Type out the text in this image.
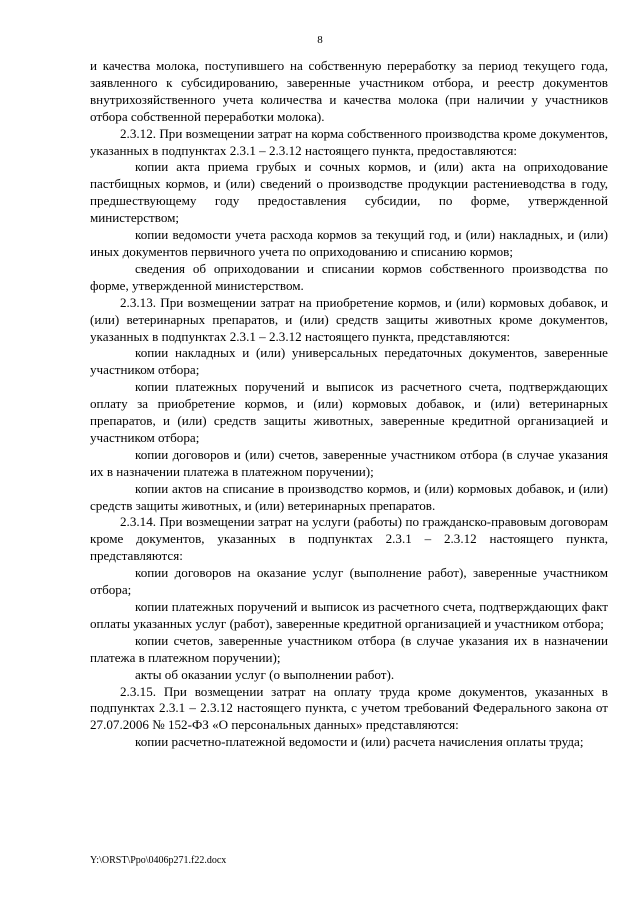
8

и качества молока, поступившего на собственную переработку за период текущего года, заявленного к субсидированию, заверенные участником отбора, и реестр документов внутрихозяйственного учета количества и качества молока (при наличии у участников отбора собственной переработки молока).

2.3.12. При возмещении затрат на корма собственного производства кроме документов, указанных в подпунктах 2.3.1 – 2.3.12 настоящего пункта, предоставляются:

копии акта приема грубых и сочных кормов, и (или) акта на оприходование пастбищных кормов, и (или) сведений о производстве продукции растениеводства в году, предшествующему году предоставления субсидии, по форме, утвержденной министерством;

копии ведомости учета расхода кормов за текущий год, и (или) накладных, и (или) иных документов первичного учета по оприходованию и списанию кормов;

сведения об оприходовании и списании кормов собственного производства по форме, утвержденной министерством.

2.3.13. При возмещении затрат на приобретение кормов, и (или) кормовых добавок, и (или) ветеринарных препаратов, и (или) средств защиты животных кроме документов, указанных в подпунктах 2.3.1 – 2.3.12 настоящего пункта, представляются:

копии накладных и (или) универсальных передаточных документов, заверенные участником отбора;

копии платежных поручений и выписок из расчетного счета, подтверждающих оплату за приобретение кормов, и (или) кормовых добавок, и (или) ветеринарных препаратов, и (или) средств защиты животных, заверенные кредитной организацией и участником отбора;

копии договоров и (или) счетов, заверенные участником отбора (в случае указания их в назначении платежа в платежном поручении);

копии актов на списание в производство кормов, и (или) кормовых добавок, и (или) средств защиты животных, и (или) ветеринарных препаратов.

2.3.14. При возмещении затрат на услуги (работы) по гражданско-правовым договорам кроме документов, указанных в подпунктах 2.3.1 – 2.3.12 настоящего пункта, представляются:

копии договоров на оказание услуг (выполнение работ), заверенные участником отбора;

копии платежных поручений и выписок из расчетного счета, подтверждающих факт оплаты указанных услуг (работ), заверенные кредитной организацией и участником отбора;

копии счетов, заверенные участником отбора (в случае указания их в назначении платежа в платежном поручении);

акты об оказании услуг (о выполнении работ).

2.3.15. При возмещении затрат на оплату труда кроме документов, указанных в подпунктах 2.3.1 – 2.3.12 настоящего пункта, с учетом требований Федерального закона от 27.07.2006 № 152-ФЗ «О персональных данных» представляются:

копии расчетно-платежной ведомости и (или) расчета начисления оплаты труда;

Y:\ORST\Ppo\0406p271.f22.docx
